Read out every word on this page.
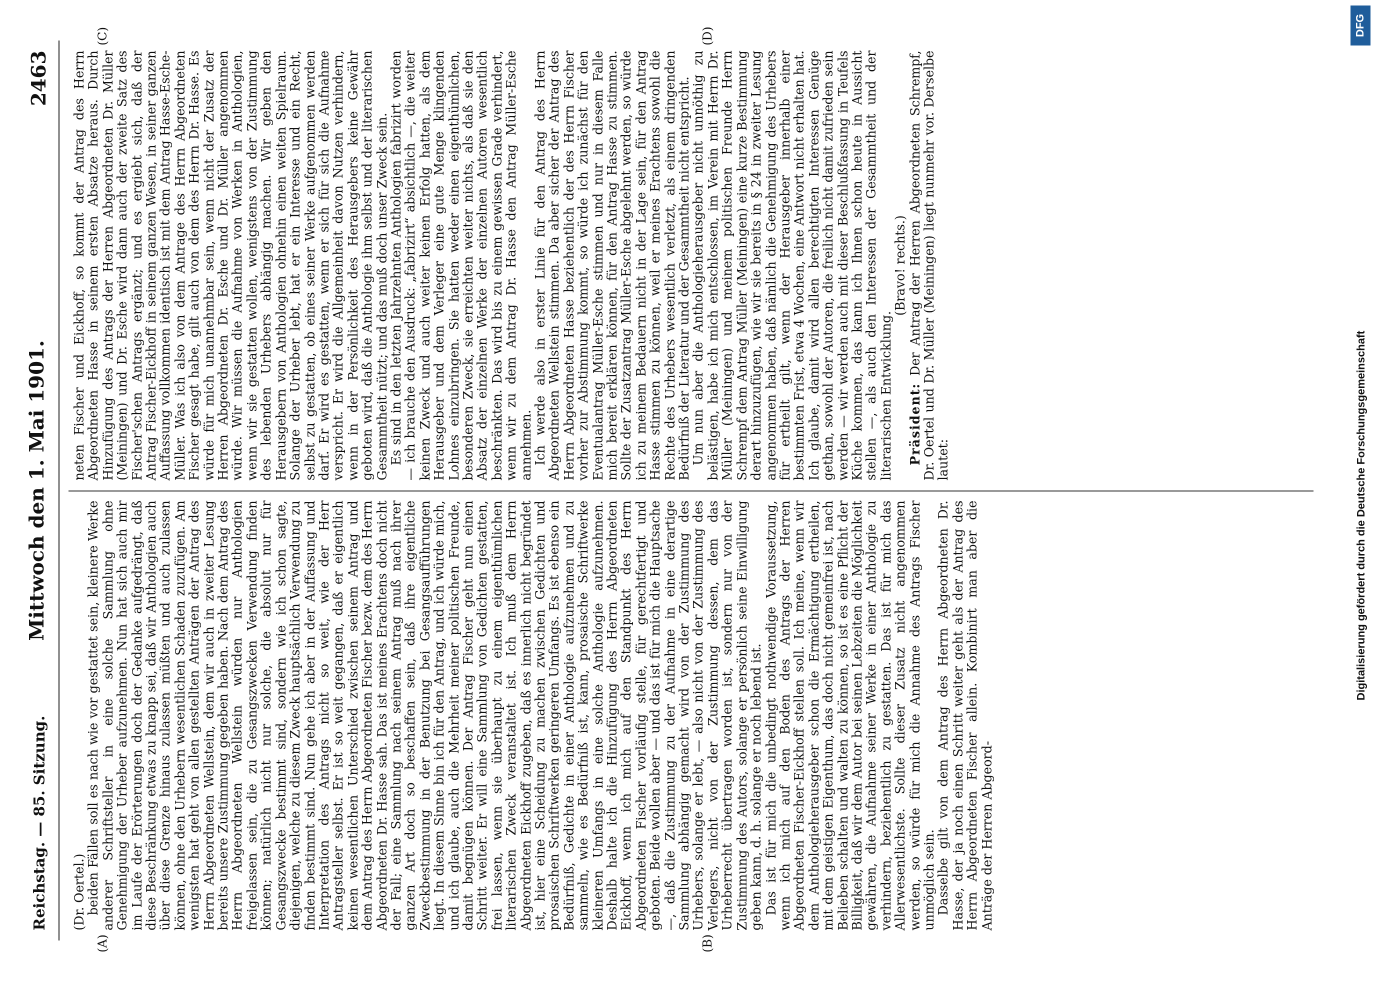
Reichstag. — 85. Sitzung.
Mittwoch den 1. Mai 1901.
2463
(A)	(B)
(C)	(D)

(Dr. Oertel.) beiden Fällen soll es nach wie vor gestattet sein, kleinere Werke anderer Schriftsteller in eine solche Sammlung ohne Genehmigung der Urheber aufzunehmen. Nun hat sich auch mir im Laufe der Erörterungen doch der Gedanke aufgedrängt, daß diese Beschränkung etwas zu knapp sei, daß wir Anthologien auch über diese Grenze hinaus zulassen müßten und auch zulassen können, ohne den Urhebern wesentlichen Schaden zuzufügen. Am wenigsten hat geht von allen gestellten Anträgen der Antrag des Herrn Abgeordneten Wellstein, dem wir auch in zweiter Lesung bereits unsere Zustimmung gegeben haben. Nach dem Antrag des Herrn Abgeordneten Wellstein würden nur Anthologien freigelassen sein, die zu Gesangszwecken Verwendung finden können; natürlich nicht nur solche, die absolut nur für Gesangszwecke bestimmt sind, sondern wie ich schon sagte, diejenigen, welche zu diesem Zweck hauptsächlich Verwendung zu finden bestimmt sind. Nun gehe ich aber in der Auffassung und Interpretation des Antrags nicht so weit, wie der Herr Antragsteller selbst. Er ist so weit gegangen, daß er eigentlich keinen wesentlichen Unterschied zwischen seinem Antrag und dem Antrag des Herrn Abgeordneten Fischer bezw. dem des Herrn Abgeordneten Dr. Hasse sah. Das ist meines Erachtens doch nicht der Fall; eine Sammlung nach seinem Antrag muß nach ihrer ganzen Art doch so beschaffen sein, daß ihre eigentliche Zweckbestimmung in der Benutzung bei Gesangsaufführungen liegt. In diesem Sinne bin ich für den Antrag, und ich würde mich, und ich glaube, auch die Mehrheit meiner politischen Freunde, damit begnügen können. Der Antrag Fischer geht nun einen Schritt weiter. Er will eine Sammlung von Gedichten gestatten, frei lassen, wenn sie überhaupt zu einem eigenthümlichen literarischen Zweck veranstaltet ist. Ich muß dem Herrn Abgeordneten Eickhoff zugeben, daß es innerlich nicht begründet ist, hier eine Scheidung zu machen zwischen Gedichten und prosaischen Schriftwerken geringeren Umfangs. Es ist ebenso ein Bedürfniß, Gedichte in einer Anthologie aufzunehmen und zu sammeln, wie es Bedürfniß ist, kann, prosaische Schriftwerke kleineren Umfangs in eine solche Anthologie aufzunehmen. Deshalb halte ich die Hinzufügung des Herrn Abgeordneten Eickhoff, wenn ich mich auf den Standpunkt des Herrn Abgeordneten Fischer vorläufig stelle, für gerechtfertigt und geboten. Beide wollen aber — und das ist für mich die Hauptsache —, daß die Zustimmung zu der Aufnahme in eine derartige Sammlung abhängig gemacht wird von der Zustimmung des Urhebers, solange er lebt, — also nicht von der Zustimmung des Verlegers, nicht von der Zustimmung dessen, dem das Urheberrecht übertragen worden ist, sondern nur von der Zustimmung des Autors, solange er persönlich seine Einwilligung geben kann, d. h. solange er noch lebend ist. Das ist für mich die unbedingt nothwendige Voraussetzung, wenn ich mich auf den Boden des Antrags der Herren Abgeordneten Fischer-Eickhoff stellen soll. Ich meine, wenn wir dem Anthologieherausgeber schon die Ermächtigung ertheilen, mit dem geistigen Eigenthum, das doch nicht gemeinfrei ist, nach Belieben schalten und walten zu können, so ist es eine Pflicht der Billigkeit, daß wir dem Autor bei seinen Lebzeiten die Möglichkeit gewähren, die Aufnahme seiner Werke in einer Anthologie zu verhindern, beziehentlich zu gestatten. Das ist für mich das Allerwesentlichste. Sollte dieser Zusatz nicht angenommen werden, so würde für mich die Annahme des Antrags Fischer unmöglich sein. Dasselbe gilt von dem Antrag des Herrn Abgeordneten Dr. Hasse, der ja noch einen Schritt weiter geht als der Antrag des Herrn Abgeordneten Fischer allein. Kombinirt man aber die Anträge der Herren Abgeord-

neten Fischer und Eickhoff, so kommt der Antrag des Herrn Abgeordneten Hasse in seinem ersten Absatze heraus. Durch Hinzufügung des Antrags der Herren Abgeordneten Dr. Müller (Meiningen) und Dr. Esche wird dann auch der zweite Satz des Fischer'schen Antrags ergänzt; und es ergiebt sich, daß der Antrag Fischer-Eickhoff in seinem ganzen Wesen, in seiner ganzen Auffassung vollkommen identisch ist mit dem Antrag Hasse-Esche-Müller. Was ich also von dem Antrage des Herrn Abgeordneten Fischer gesagt habe, gilt auch von dem des Herrn Dr. Hasse. Es würde für mich unannehmbar sein, wenn nicht der Zusatz der Herren Abgeordneten Dr. Esche und Dr. Müller angenommen würde. Wir müssen die Aufnahme von Werken in Anthologien, wenn wir sie gestatten wollen, wenigstens von der Zustimmung des lebenden Urhebers abhängig machen. Wir geben den Herausgebern von Anthologien ohnehin einen weiten Spielraum. Solange der Urheber lebt, hat er ein Interesse und ein Recht, selbst zu gestatten, ob eines seiner Werke aufgenommen werden darf. Er wird es gestatten, wenn er sich für sich die Aufnahme verspricht. Er wird die Allgemeinheit davon Nutzen verhindern, wenn in der Persönlichkeit des Herausgebers keine Gewähr geboten wird, daß die Anthologie ihm selbst und der literarischen Gesammtheit nützt; und das muß doch unser Zweck sein. Es sind in den letzten Jahrzehnten Anthologien fabrizirt worden — ich brauche den Ausdruck: „fabrizirt“ absichtlich —, die weiter keinen Zweck und auch weiter keinen Erfolg hatten, als dem Herausgeber und dem Verleger eine gute Menge klingenden Lohnes einzubringen. Sie hatten weder einen eigenthümlichen, besonderen Zweck, sie erreichten weiter nichts, als daß sie den Absatz der einzelnen Werke der einzelnen Autoren wesentlich beschränkten. Das wird bis zu einem gewissen Grade verhindert, wenn wir zu dem Antrag Dr. Hasse den Antrag Müller-Esche annehmen. Ich werde also in erster Linie für den Antrag des Herrn Abgeordneten Wellstein stimmen. Da aber sicher der Antrag des Herrn Abgeordneten Hasse beziehentlich der des Herrn Fischer vorher zur Abstimmung kommt, so würde ich zunächst für den Eventualantrag Müller-Esche stimmen und nur in diesem Falle mich bereit erklären können, für den Antrag Hasse zu stimmen. Sollte der Zusatzantrag Müller-Esche abgelehnt werden, so würde ich zu meinem Bedauern nicht in der Lage sein, für den Antrag Hasse stimmen zu können, weil er meines Erachtens sowohl die Rechte des Urhebers wesentlich verletzt, als einem dringenden Bedürfniß der Literatur und der Gesammtheit nicht entspricht. Um nun aber die Anthologieherausgeber nicht unnöthig zu belästigen, habe ich mich entschlossen, im Verein mit Herrn Dr. Müller (Meiningen) und meinem politischen Freunde Herrn Schrempf dem Antrag Müller (Meiningen) eine kurze Bestimmung derart hinzuzufügen, wie wir sie bereits in § 24 in zweiter Lesung angenommen haben, daß nämlich die Genehmigung des Urhebers für ertheilt gilt, wenn der Herausgeber innerhalb einer bestimmten Frist, etwa 4 Wochen, eine Antwort nicht erhalten hat. Ich glaube, damit wird allen berechtigten Interessen Genüge gethan, sowohl der Autoren, die freilich nicht damit zufrieden sein werden — wir werden auch mit dieser Beschlußfassung in Teufels Küche kommen, das kann ich Ihnen schon heute in Aussicht stellen —, als auch den Interessen der Gesammtheit und der literarischen Entwicklung.

(Bravo! rechts.)

Präsident: Der Antrag der Herren Abgeordneten Schrempf, Dr. Oertel und Dr. Müller (Meiningen) liegt nunmehr vor. Derselbe lautet:	Digitalisierung gefördert durch die Deutsche Forschungsgemeinschaft
DFG
